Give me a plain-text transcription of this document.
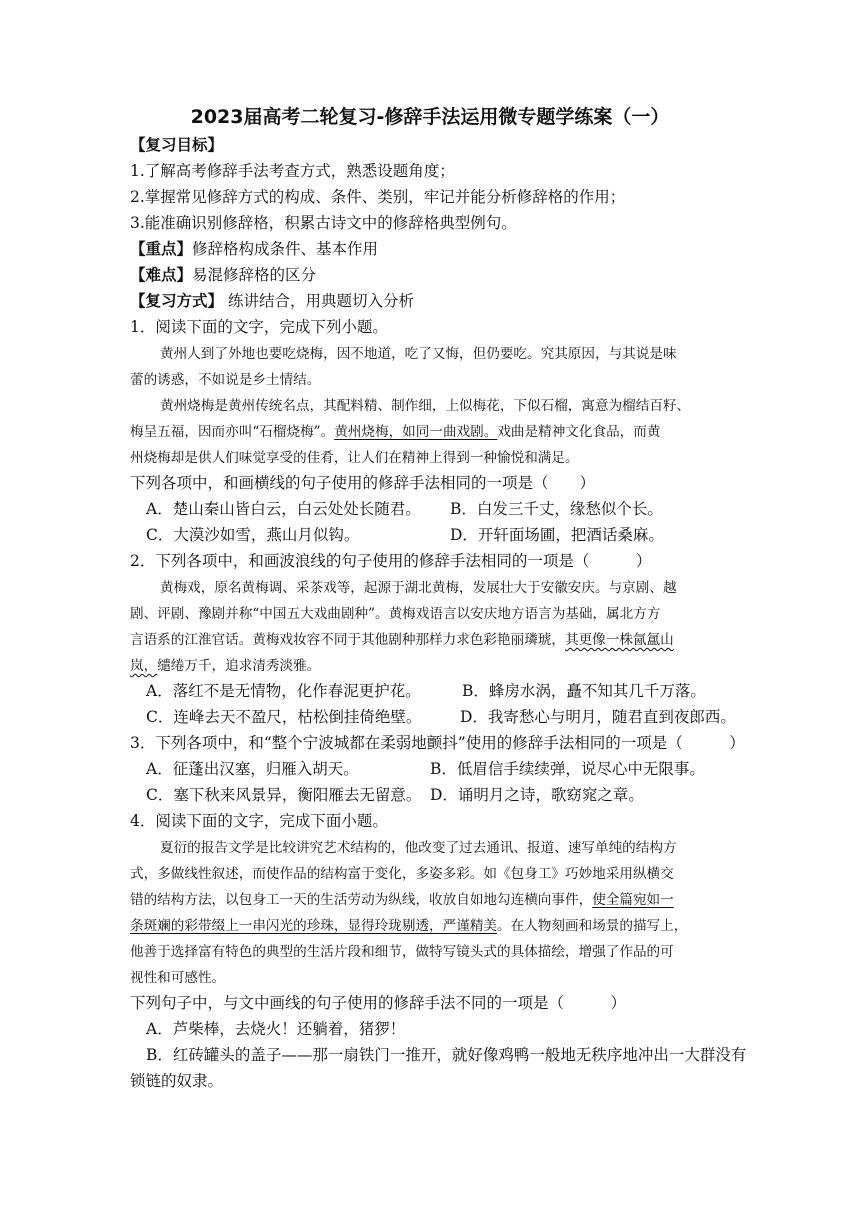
2023届高考二轮复习-修辞手法运用微专题学练案（一）
【复习目标】
1.了解高考修辞手法考查方式，熟悉设题角度；
2.掌握常见修辞方式的构成、条件、类别，牢记并能分析修辞格的作用；
3.能准确识别修辞格，积累古诗文中的修辞格典型例句。
【重点】修辞格构成条件、基本作用
【难点】易混修辞格的区分
【复习方式】 练讲结合，用典题切入分析
1．阅读下面的文字，完成下列小题。
黄州人到了外地也要吃烧梅，因不地道，吃了又悔，但仍要吃。究其原因，与其说是味
蕾的诱惑，不如说是乡土情结。
黄州烧梅是黄州传统名点，其配料精、制作细，上似梅花，下似石榴，寓意为榴结百籽、
梅呈五福，因而亦叫“石榴烧梅”。黄州烧梅，如同一曲戏剧。戏曲是精神文化食品，而黄
州烧梅却是供人们味觉享受的佳肴，让人们在精神上得到一种愉悦和满足。
下列各项中，和画横线的句子使用的修辞手法相同的一项是（　　）
A．楚山秦山皆白云，白云处处长随君。 B．白发三千丈，缘愁似个长。
C．大漠沙如雪，燕山月似钩。	D．开轩面场圃，把酒话桑麻。
2．下列各项中，和画波浪线的句子使用的修辞手法相同的一项是（　　　）
黄梅戏，原名黄梅调、采茶戏等，起源于湖北黄梅，发展壮大于安徽安庆。与京剧、越
剧、评剧、豫剧并称“中国五大戏曲剧种”。黄梅戏语言以安庆地方语言为基础，属北方方
言语系的江淮官话。黄梅戏妆容不同于其他剧种那样力求色彩艳丽璘琥，其更像一株氤氲山
岚，缱绻万千，追求清秀淡雅。
A．落红不是无情物，化作春泥更护花。	B．蜂房水涡，矗不知其几千万落。
C．连峰去天不盈尺，枯松倒挂倚绝壁。 D．我寄愁心与明月，随君直到夜郎西。
3．下列各项中，和“整个宁波城都在柔弱地颤抖”使用的修辞手法相同的一项是（　　　）
A．征蓬出汉塞，归雁入胡天。	B．低眉信手续续弹，说尽心中无限事。
C．塞下秋来风景异，衡阳雁去无留意。 D．诵明月之诗，歌窈窕之章。
4．阅读下面的文字，完成下面小题。
夏衍的报告文学是比较讲究艺术结构的，他改变了过去通讯、报道、速写单纯的结构方
式，多做线性叙述，而使作品的结构富于变化，多姿多彩。如《包身工》巧妙地采用纵横交
错的结构方法，以包身工一天的生活劳动为纵线，收放自如地勾连横向事件，使全篇宛如一
条斑斓的彩带缀上一串闪光的珍珠，显得玲珑剔透，严谨精美。在人物刻画和场景的描写上，
他善于选择富有特色的典型的生活片段和细节，做特写镜头式的具体描绘，增强了作品的可
视性和可感性。
下列句子中，与文中画线的句子使用的修辞手法不同的一项是（　　　）
A．芦柴棒，去烧火！还躺着，猪猡！
B．红砖罐头的盖子——那一扇铁门一推开，就好像鸡鸭一般地无秩序地冲出一大群没有
锁链的奴隶。
